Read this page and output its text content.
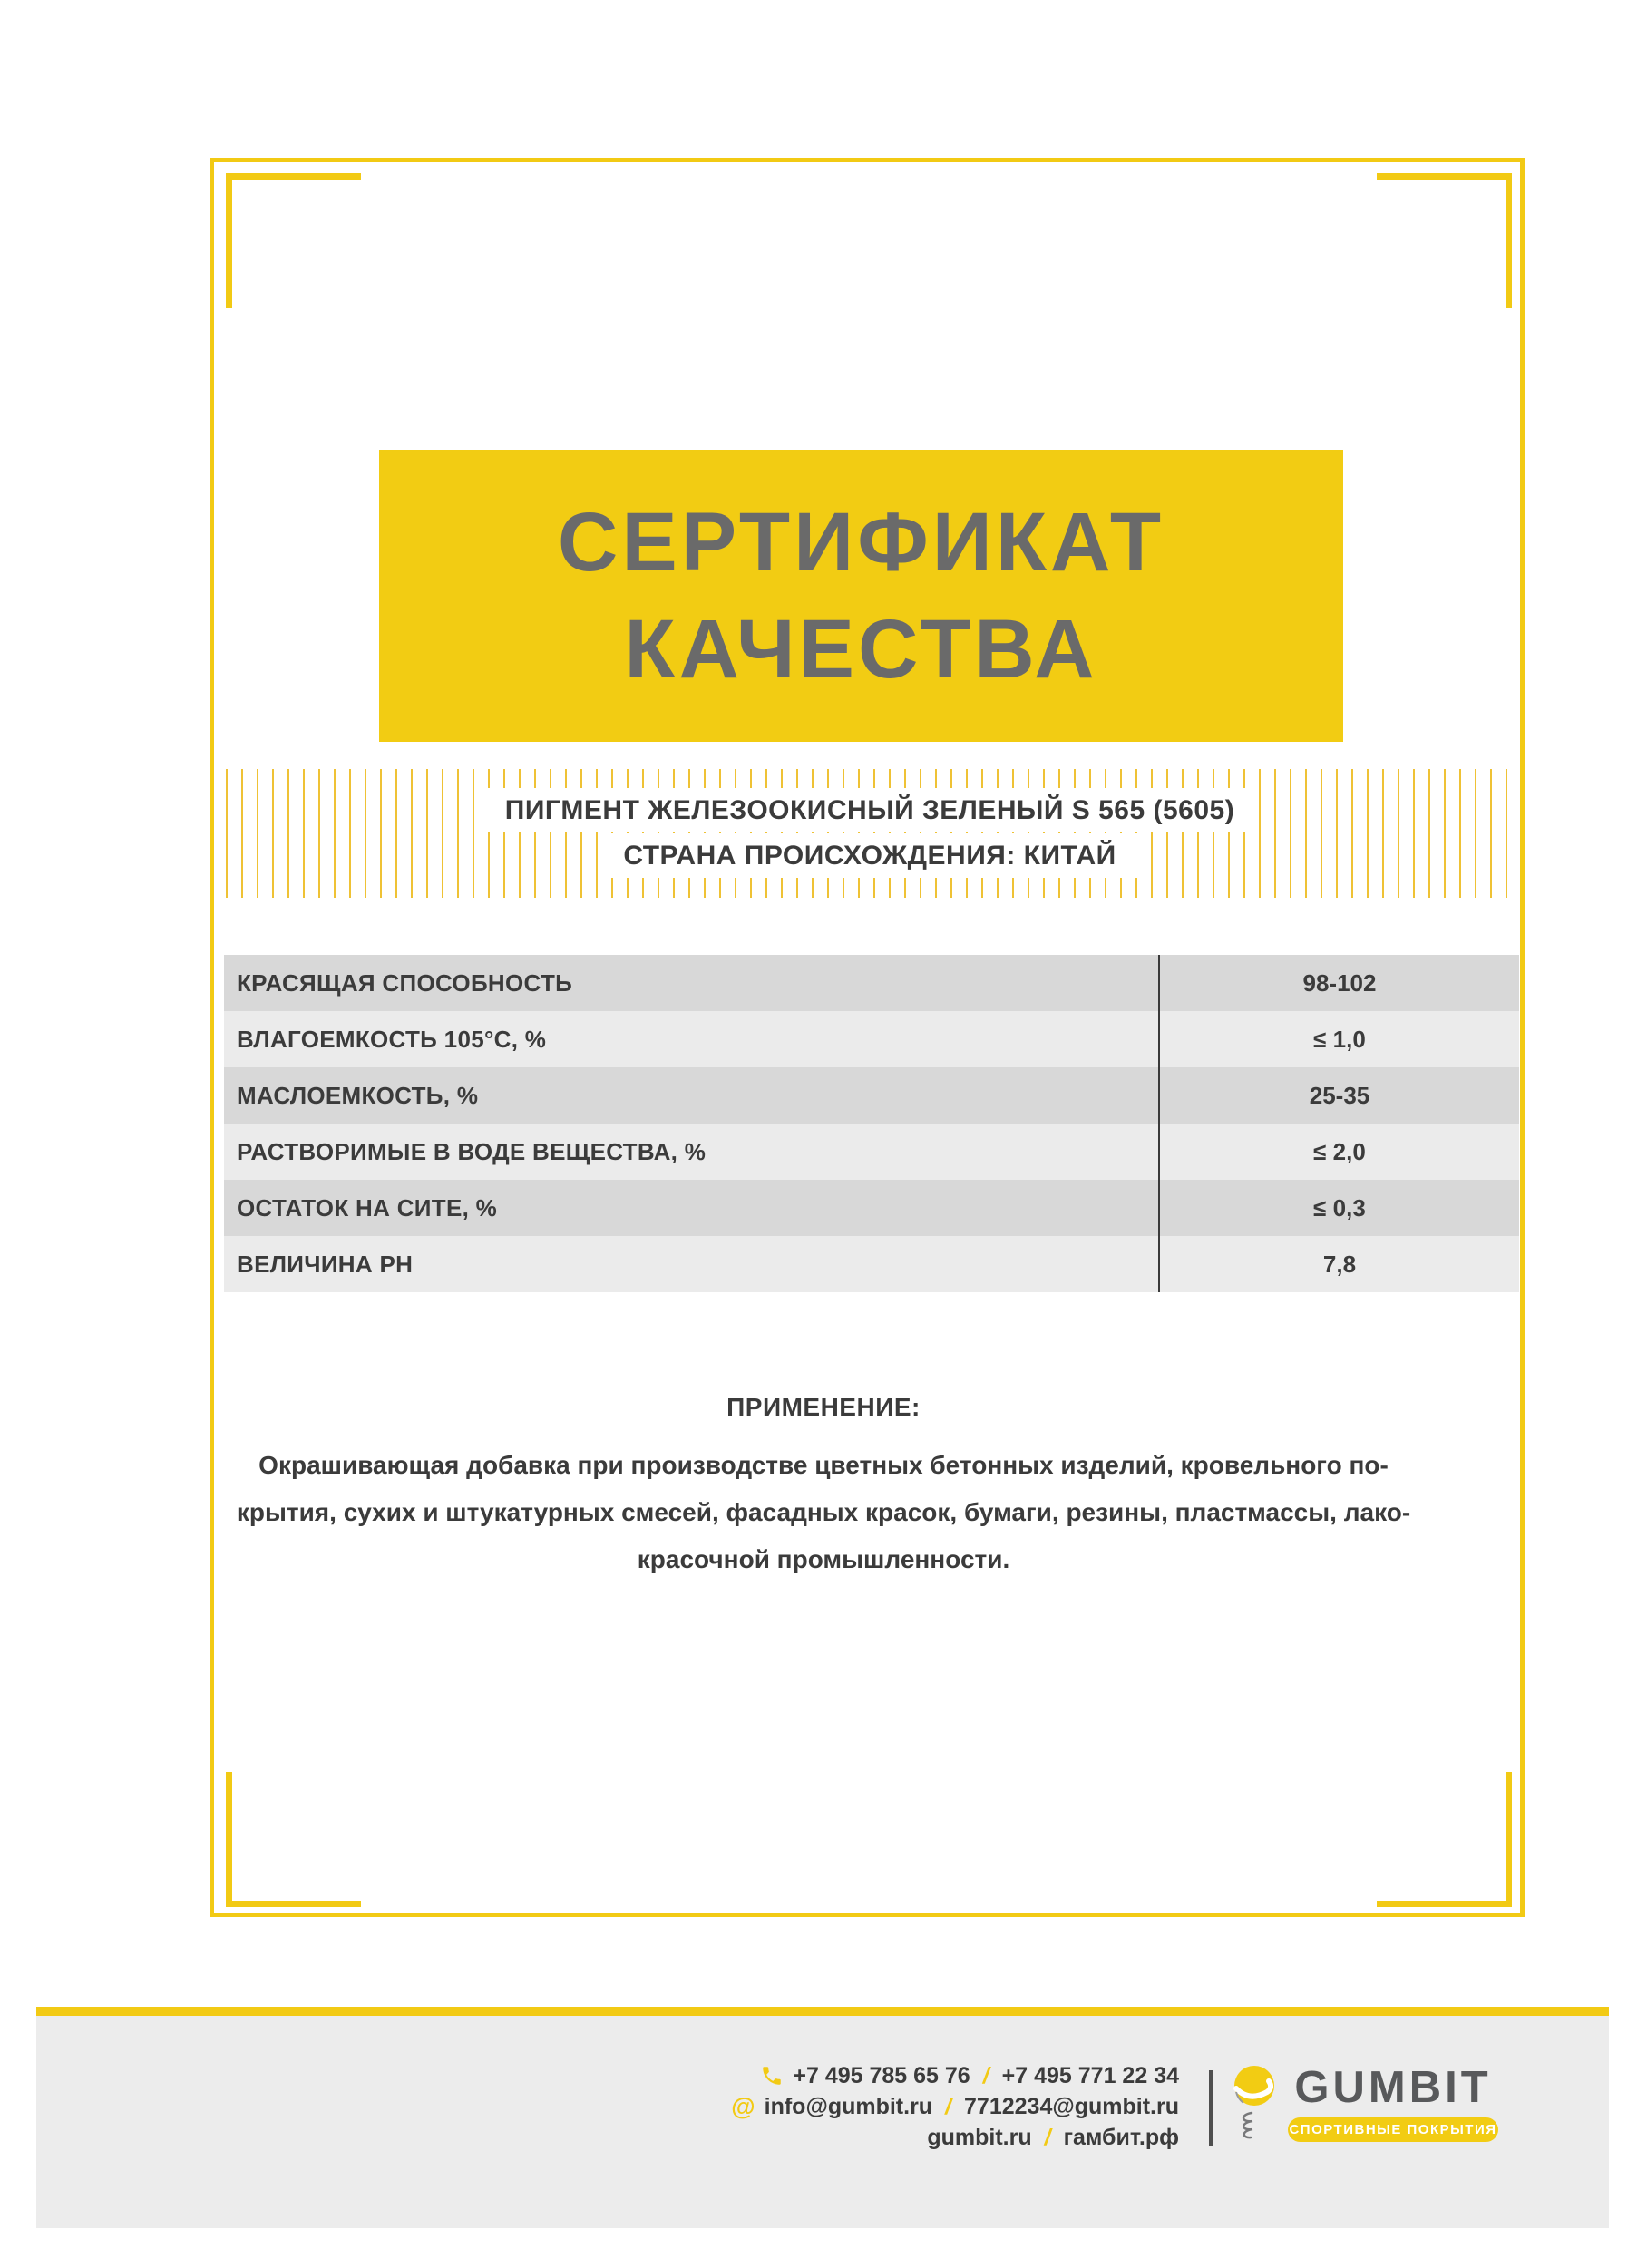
СЕРТИФИКАТ
КАЧЕСТВА
ПИГМЕНТ ЖЕЛЕЗООКИСНЫЙ ЗЕЛЕНЫЙ S 565 (5605)
СТРАНА ПРОИСХОЖДЕНИЯ: КИТАЙ
КРАСЯЩАЯ СПОСОБНОСТЬ	98-102
ВЛАГОЕМКОСТЬ 105°С, %	≤ 1,0
МАСЛОЕМКОСТЬ, %	25-35
РАСТВОРИМЫЕ В ВОДЕ ВЕЩЕСТВА, %	≤ 2,0
ОСТАТОК НА СИТЕ, %	≤ 0,3
ВЕЛИЧИНА РН	7,8
ПРИМЕНЕНИЕ:
Окрашивающая добавка при производстве цветных бетонных изделий, кровельного по-
крытия, сухих и штукатурных смесей, фасадных красок, бумаги, резины, пластмассы, лако-
красочной промышленности.
+7 495 785 65 76 / +7 495 771 22 34
@ info@gumbit.ru / 7712234@gumbit.ru
gumbit.ru / гамбит.рф
GUMBIT
СПОРТИВНЫЕ ПОКРЫТИЯ
